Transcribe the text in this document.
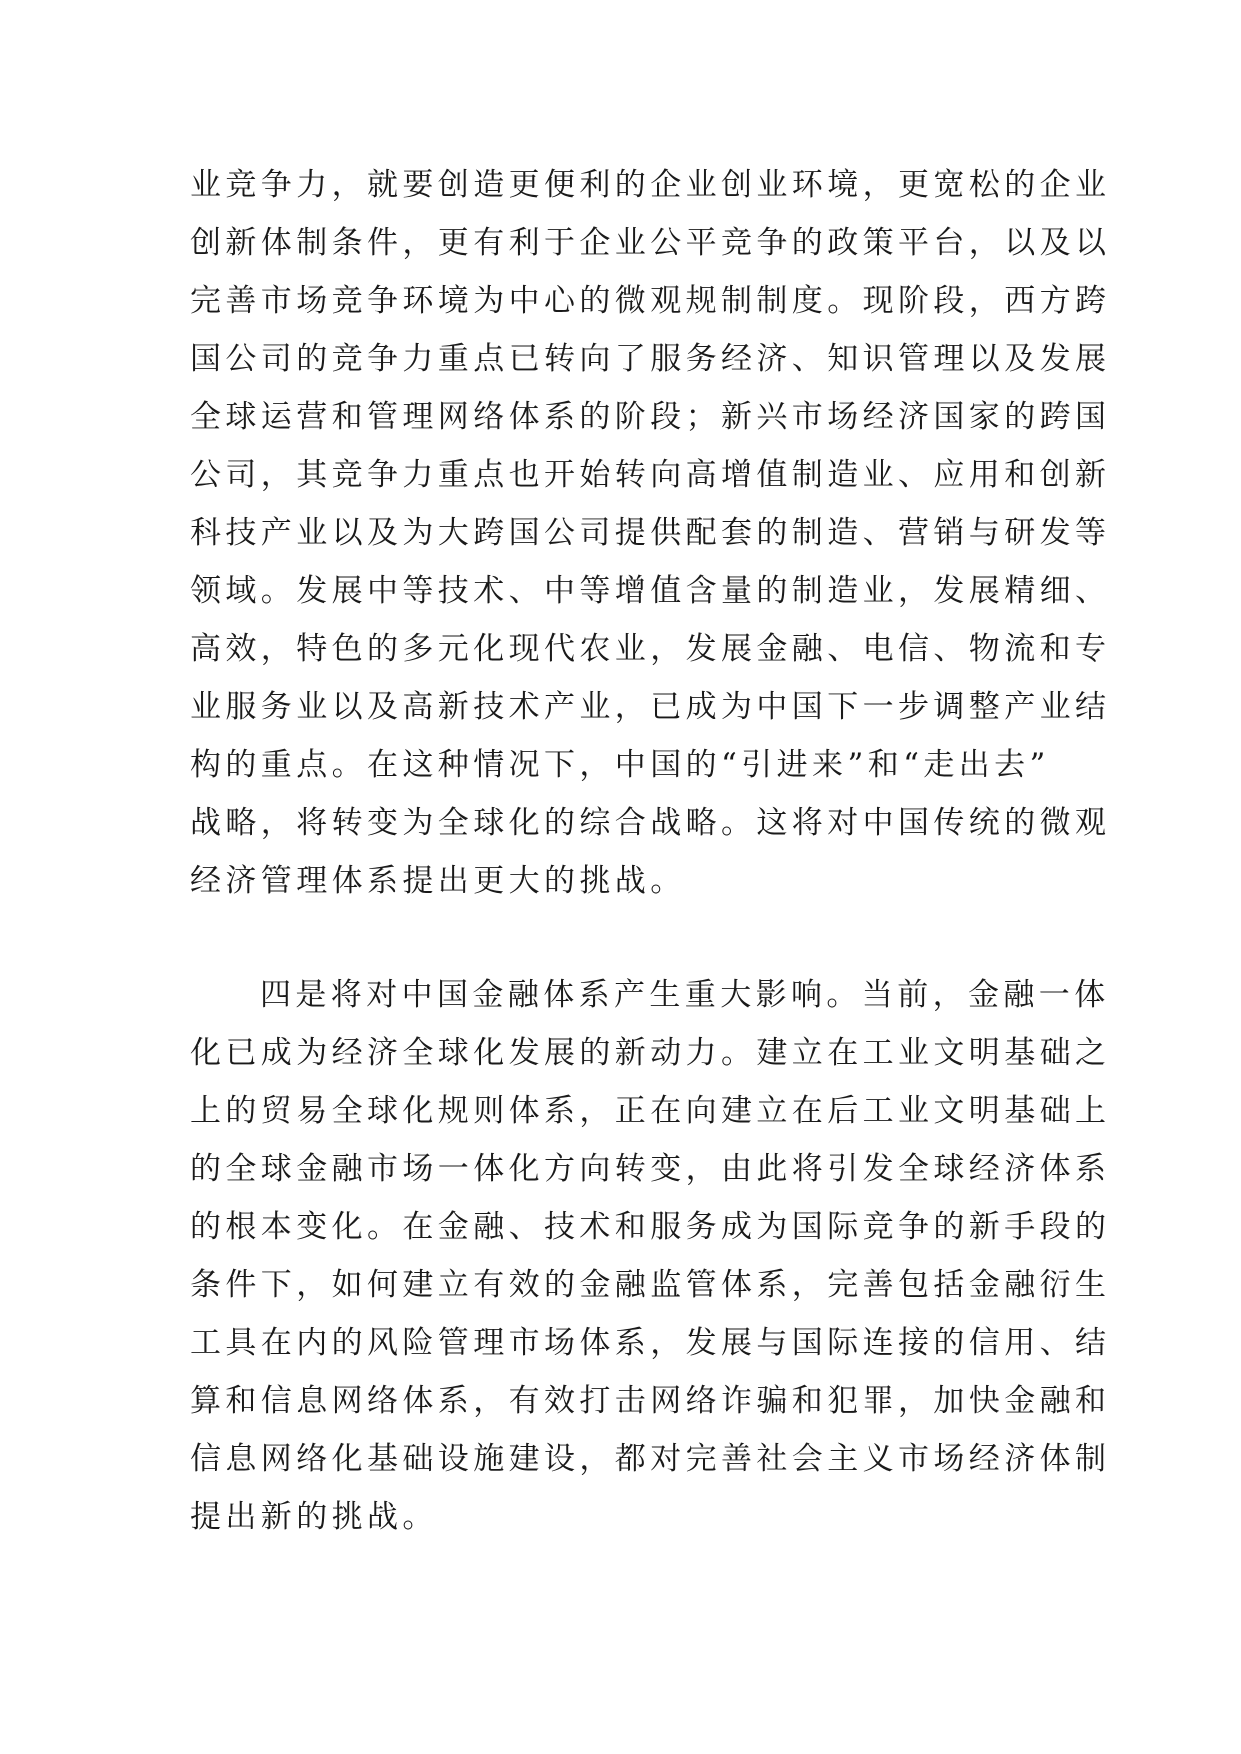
业竞争力，就要创造更便利的企业创业环境，更宽松的企业
创新体制条件，更有利于企业公平竞争的政策平台，以及以
完善市场竞争环境为中心的微观规制制度。现阶段，西方跨
国公司的竞争力重点已转向了服务经济、知识管理以及发展
全球运营和管理网络体系的阶段；新兴市场经济国家的跨国
公司，其竞争力重点也开始转向高增值制造业、应用和创新
科技产业以及为大跨国公司提供配套的制造、营销与研发等
领域。发展中等技术、中等增值含量的制造业，发展精细、
高效，特色的多元化现代农业，发展金融、电信、物流和专
业服务业以及高新技术产业，已成为中国下一步调整产业结
构的重点。在这种情况下，中国的“引进来”和“走出去”
战略，将转变为全球化的综合战略。这将对中国传统的微观
经济管理体系提出更大的挑战。
四是将对中国金融体系产生重大影响。当前，金融一体
化已成为经济全球化发展的新动力。建立在工业文明基础之
上的贸易全球化规则体系，正在向建立在后工业文明基础上
的全球金融市场一体化方向转变，由此将引发全球经济体系
的根本变化。在金融、技术和服务成为国际竞争的新手段的
条件下，如何建立有效的金融监管体系，完善包括金融衍生
工具在内的风险管理市场体系，发展与国际连接的信用、结
算和信息网络体系，有效打击网络诈骗和犯罪，加快金融和
信息网络化基础设施建设，都对完善社会主义市场经济体制
提出新的挑战。
